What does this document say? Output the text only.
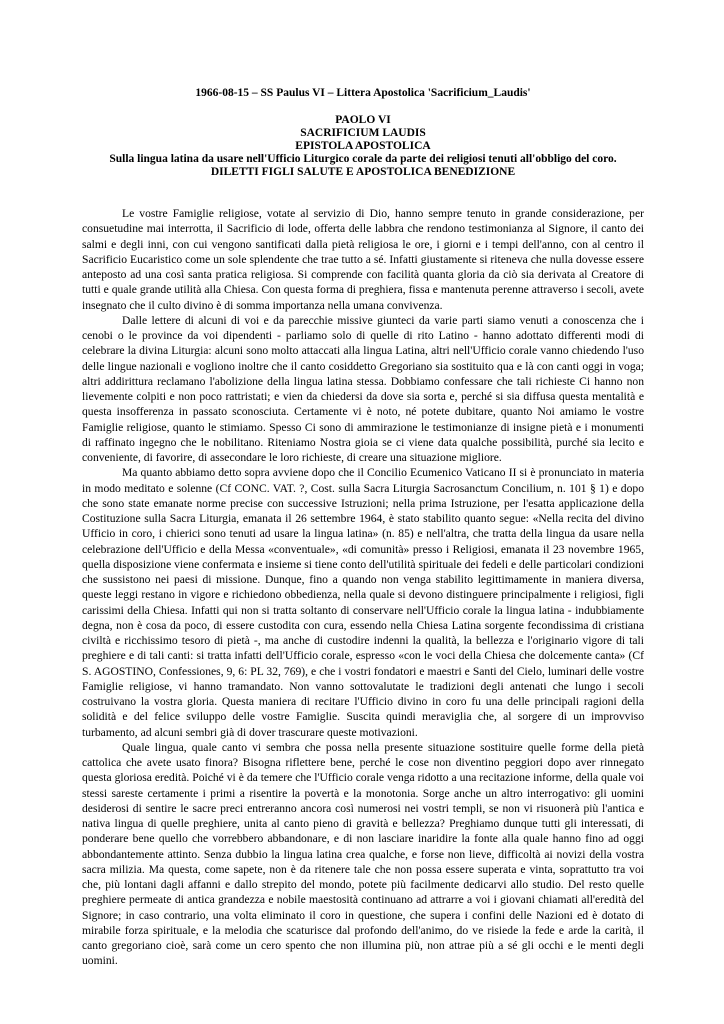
1966-08-15 – SS Paulus VI – Littera Apostolica 'Sacrificium_Laudis'

PAOLO VI

SACRIFICIUM LAUDIS

EPISTOLA APOSTOLICA

Sulla lingua latina da usare nell'Ufficio Liturgico corale da parte dei religiosi tenuti all'obbligo del coro.

DILETTI FIGLI SALUTE E APOSTOLICA BENEDIZIONE

Le vostre Famiglie religiose, votate al servizio di Dio, hanno sempre tenuto in grande considerazione, per consuetudine mai interrotta, il Sacrificio di lode, offerta delle labbra che rendono testimonianza al Signore, il canto dei salmi e degli inni, con cui vengono santificati dalla pietà religiosa le ore, i giorni e i tempi dell'anno, con al centro il Sacrificio Eucaristico come un sole splendente che trae tutto a sé. Infatti giustamente si riteneva che nulla dovesse essere anteposto ad una così santa pratica religiosa. Si comprende con facilità quanta gloria da ciò sia derivata al Creatore di tutti e quale grande utilità alla Chiesa. Con questa forma di preghiera, fissa e mantenuta perenne attraverso i secoli, avete insegnato che il culto divino è di somma importanza nella umana convivenza.

Dalle lettere di alcuni di voi e da parecchie missive giunteci da varie parti siamo venuti a conoscenza che i cenobi o le province da voi dipendenti - parliamo solo di quelle di rito Latino - hanno adottato differenti modi di celebrare la divina Liturgia: alcuni sono molto attaccati alla lingua Latina, altri nell'Ufficio corale vanno chiedendo l'uso delle lingue nazionali e vogliono inoltre che il canto cosiddetto Gregoriano sia sostituito qua e là con canti oggi in voga; altri addirittura reclamano l'abolizione della lingua latina stessa. Dobbiamo confessare che tali richieste Ci hanno non lievemente colpiti e non poco rattristati; e vien da chiedersi da dove sia sorta e, perché si sia diffusa questa mentalità e questa insofferenza in passato sconosciuta. Certamente vi è noto, né potete dubitare, quanto Noi amiamo le vostre Famiglie religiose, quanto le stimiamo. Spesso Ci sono di ammirazione le testimonianze di insigne pietà e i monumenti di raffinato ingegno che le nobilitano. Riteniamo Nostra gioia se ci viene data qualche possibilità, purché sia lecito e conveniente, di favorire, di assecondare le loro richieste, di creare una situazione migliore.

Ma quanto abbiamo detto sopra avviene dopo che il Concilio Ecumenico Vaticano II si è pronunciato in materia in modo meditato e solenne (Cf CONC. VAT. ?, Cost. sulla Sacra Liturgia Sacrosanctum Concilium, n. 101 § 1) e dopo che sono state emanate norme precise con successive Istruzioni; nella prima Istruzione, per l'esatta applicazione della Costituzione sulla Sacra Liturgia, emanata il 26 settembre 1964, è stato stabilito quanto segue: «Nella recita del divino Ufficio in coro, i chierici sono tenuti ad usare la lingua latina» (n. 85) e nell'altra, che tratta della lingua da usare nella celebrazione dell'Ufficio e della Messa «conventuale», «di comunità» presso i Religiosi, emanata il 23 novembre 1965, quella disposizione viene confermata e insieme si tiene conto dell'utilità spirituale dei fedeli e delle particolari condizioni che sussistono nei paesi di missione. Dunque, fino a quando non venga stabilito legittimamente in maniera diversa, queste leggi restano in vigore e richiedono obbedienza, nella quale si devono distinguere principalmente i religiosi, figli carissimi della Chiesa. Infatti qui non si tratta soltanto di conservare nell'Ufficio corale la lingua latina - indubbiamente degna, non è cosa da poco, di essere custodita con cura, essendo nella Chiesa Latina sorgente fecondissima di cristiana civiltà e ricchissimo tesoro di pietà -, ma anche di custodire indenni la qualità, la bellezza e l'originario vigore di tali preghiere e di tali canti: si tratta infatti dell'Ufficio corale, espresso «con le voci della Chiesa che dolcemente canta» (Cf S. AGOSTINO, Confessiones, 9, 6: PL 32, 769), e che i vostri fondatori e maestri e Santi del Cielo, luminari delle vostre Famiglie religiose, vi hanno tramandato. Non vanno sottovalutate le tradizioni degli antenati che lungo i secoli costruivano la vostra gloria. Questa maniera di recitare l'Ufficio divino in coro fu una delle principali ragioni della solidità e del felice sviluppo delle vostre Famiglie. Suscita quindi meraviglia che, al sorgere di un improvviso turbamento, ad alcuni sembri già di dover trascurare queste motivazioni.

Quale lingua, quale canto vi sembra che possa nella presente situazione sostituire quelle forme della pietà cattolica che avete usato finora? Bisogna riflettere bene, perché le cose non diventino peggiori dopo aver rinnegato questa gloriosa eredità. Poiché vi è da temere che l'Ufficio corale venga ridotto a una recitazione informe, della quale voi stessi sareste certamente i primi a risentire la povertà e la monotonia. Sorge anche un altro interrogativo: gli uomini desiderosi di sentire le sacre preci entreranno ancora così numerosi nei vostri templi, se non vi risuonerà più l'antica e nativa lingua di quelle preghiere, unita al canto pieno di gravità e bellezza? Preghiamo dunque tutti gli interessati, di ponderare bene quello che vorrebbero abbandonare, e di non lasciare inaridire la fonte alla quale hanno fino ad oggi abbondantemente attinto. Senza dubbio la lingua latina crea qualche, e forse non lieve, difficoltà ai novizi della vostra sacra milizia. Ma questa, come sapete, non è da ritenere tale che non possa essere superata e vinta, soprattutto tra voi che, più lontani dagli affanni e dallo strepito del mondo, potete più facilmente dedicarvi allo studio. Del resto quelle preghiere permeate di antica grandezza e nobile maestosità continuano ad attrarre a voi i giovani chiamati all'eredità del Signore; in caso contrario, una volta eliminato il coro in questione, che supera i confini delle Nazioni ed è dotato di mirabile forza spirituale, e la melodia che scaturisce dal profondo dell'animo, do ve risiede la fede e arde la carità, il canto gregoriano cioè, sarà come un cero spento che non illumina più, non attrae più a sé gli occhi e le menti degli uomini.
